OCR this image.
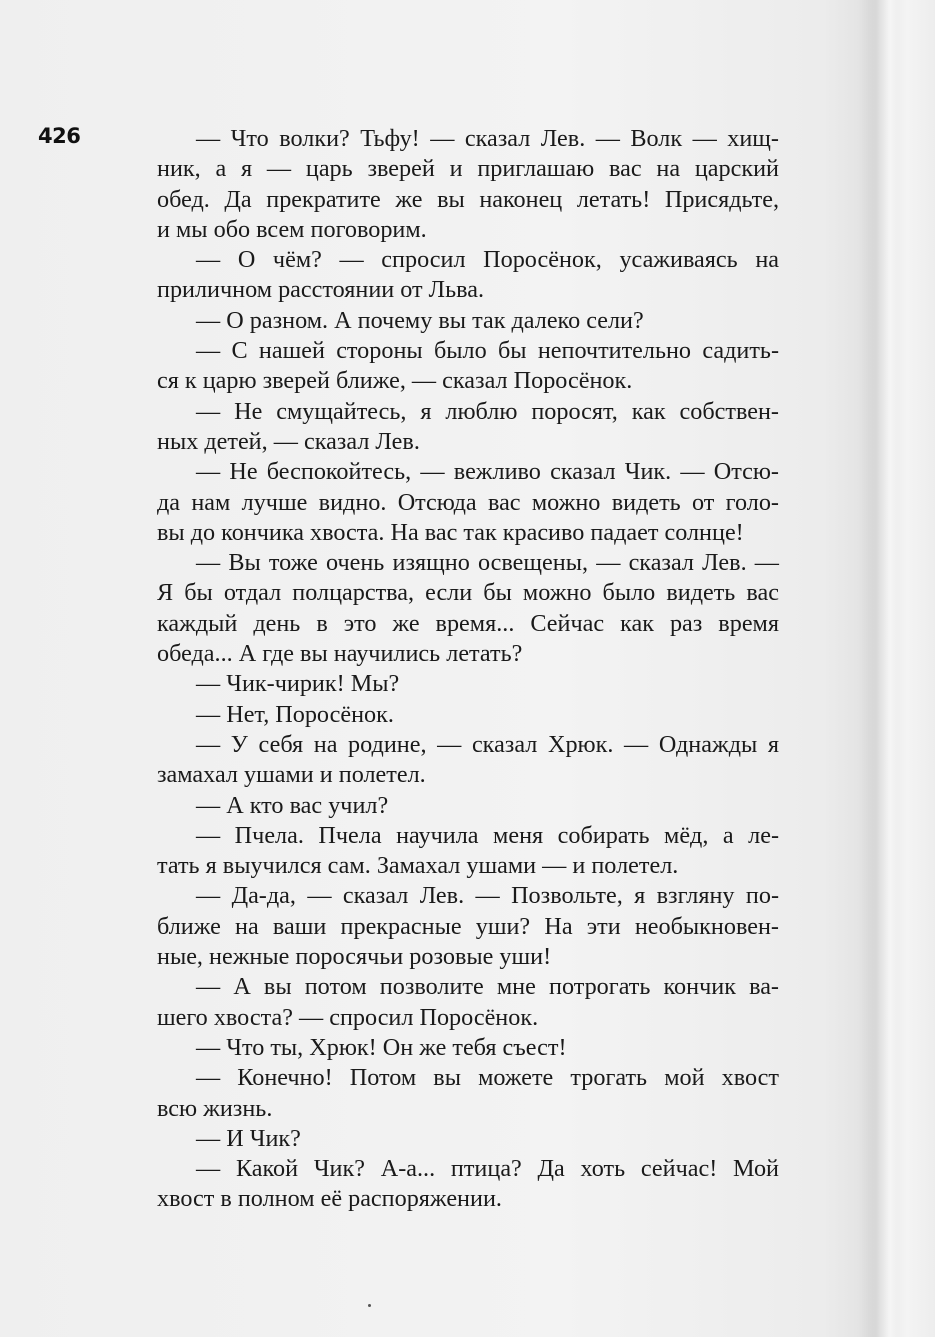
426	— Что волки? Тьфу! — сказал Лев. — Волк — хищ-
ник, а я — царь зверей и приглашаю вас на царский
обед. Да прекратите же вы наконец летать! Присядьте,
и мы обо всем поговорим.
— О чём? — спросил Поросёнок, усаживаясь на
приличном расстоянии от Льва.
— О разном. А почему вы так далеко сели?
— С нашей стороны было бы непочтительно садить-
ся к царю зверей ближе, — сказал Поросёнок.
— Не смущайтесь, я люблю поросят, как собствен-
ных детей, — сказал Лев.
— Не беспокойтесь, — вежливо сказал Чик. — Отсю-
да нам лучше видно. Отсюда вас можно видеть от голо-
вы до кончика хвоста. На вас так красиво падает солнце!
— Вы тоже очень изящно освещены, — сказал Лев. —
Я бы отдал полцарства, если бы можно было видеть вас
каждый день в это же время... Сейчас как раз время
обеда... А где вы научились летать?
— Чик-чирик! Мы?
— Нет, Поросёнок.
— У себя на родине, — сказал Хрюк. — Однажды я
замахал ушами и полетел.
— А кто вас учил?
— Пчела. Пчела научила меня собирать мёд, а ле-
тать я выучился сам. Замахал ушами — и полетел.
— Да-да, — сказал Лев. — Позвольте, я взгляну по-
ближе на ваши прекрасные уши? На эти необыкновен-
ные, нежные поросячьи розовые уши!
— А вы потом позволите мне потрогать кончик ва-
шего хвоста? — спросил Поросёнок.
— Что ты, Хрюк! Он же тебя съест!
— Конечно! Потом вы можете трогать мой хвост
всю жизнь.
— И Чик?
— Какой Чик? А-а... птица? Да хоть сейчас! Мой
хвост в полном её распоряжении.
